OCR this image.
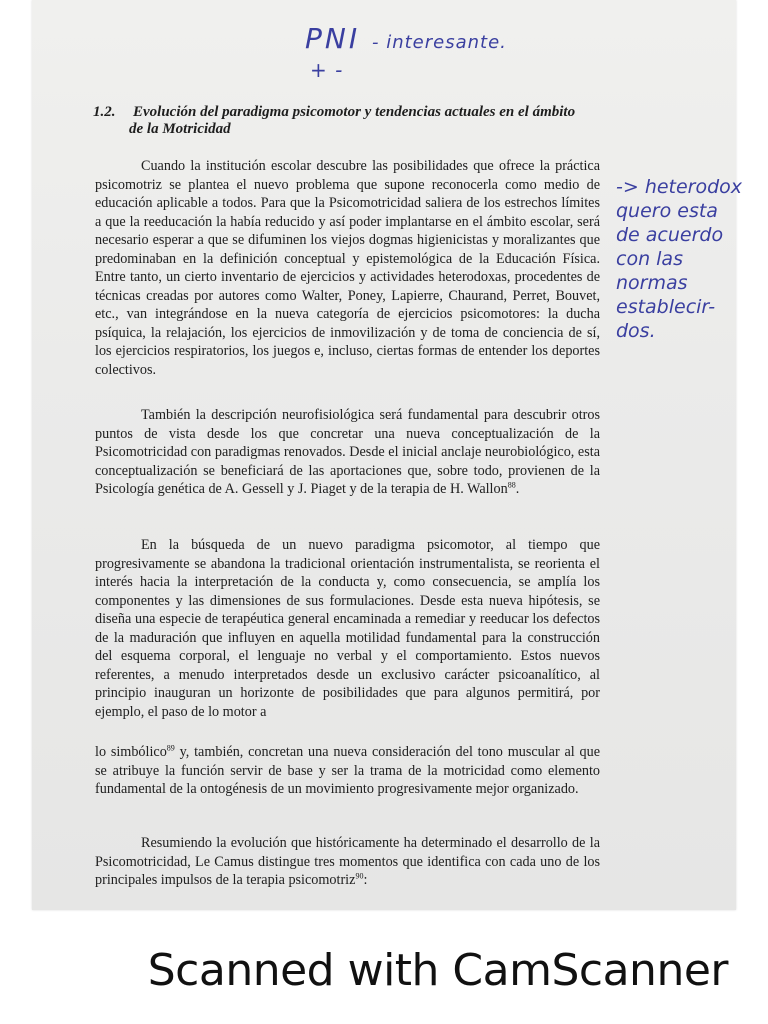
PNI - interesante.
+ -
-> heterodox
quero esta
de acuerdo
con las
normas
establecir-
dos.
1.2. Evolución del paradigma psicomotor y tendencias actuales en el ámbito
de la Motricidad
Cuando la institución escolar descubre las posibilidades que ofrece la práctica psicomotriz se plantea el nuevo problema que supone reconocerla como medio de educación aplicable a todos. Para que la Psicomotricidad saliera de los estrechos límites a que la reeducación la había reducido y así poder implantarse en el ámbito escolar, será necesario esperar a que se difuminen los viejos dogmas higienicistas y moralizantes que predominaban en la definición conceptual y epistemológica de la Educación Física. Entre tanto, un cierto inventario de ejercicios y actividades heterodoxas, procedentes de técnicas creadas por autores como Walter, Poney, Lapierre, Chaurand, Perret, Bouvet, etc., van integrándose en la nueva categoría de ejercicios psicomotores: la ducha psíquica, la relajación, los ejercicios de inmovilización y de toma de conciencia de sí, los ejercicios respiratorios, los juegos e, incluso, ciertas formas de entender los deportes colectivos.
También la descripción neurofisiológica será fundamental para descubrir otros puntos de vista desde los que concretar una nueva conceptualización de la Psicomotricidad con paradigmas renovados. Desde el inicial anclaje neurobiológico, esta conceptualización se beneficiará de las aportaciones que, sobre todo, provienen de la Psicología genética de A. Gessell y J. Piaget y de la terapia de H. Wallon$^{88}$.
En la búsqueda de un nuevo paradigma psicomotor, al tiempo que progresivamente se abandona la tradicional orientación instrumentalista, se reorienta el interés hacia la interpretación de la conducta y, como consecuencia, se amplía los componentes y las dimensiones de sus formulaciones. Desde esta nueva hipótesis, se diseña una especie de terapéutica general encaminada a remediar y reeducar los defectos de la maduración que influyen en aquella motilidad fundamental para la construcción del esquema corporal, el lenguaje no verbal y el comportamiento. Estos nuevos referentes, a menudo interpretados desde un exclusivo carácter psicoanalítico, al principio inauguran un horizonte de posibilidades que para algunos permitirá, por ejemplo, el paso de lo motor a
lo simbólico$^{89}$ y, también, concretan una nueva consideración del tono muscular al que se atribuye la función servir de base y ser la trama de la motricidad como elemento fundamental de la ontogénesis de un movimiento progresivamente mejor organizado.
Resumiendo la evolución que históricamente ha determinado el desarrollo de la Psicomotricidad, Le Camus distingue tres momentos que identifica con cada uno de los principales impulsos de la terapia psicomotriz$^{90}$:
Scanned with CamScanner
